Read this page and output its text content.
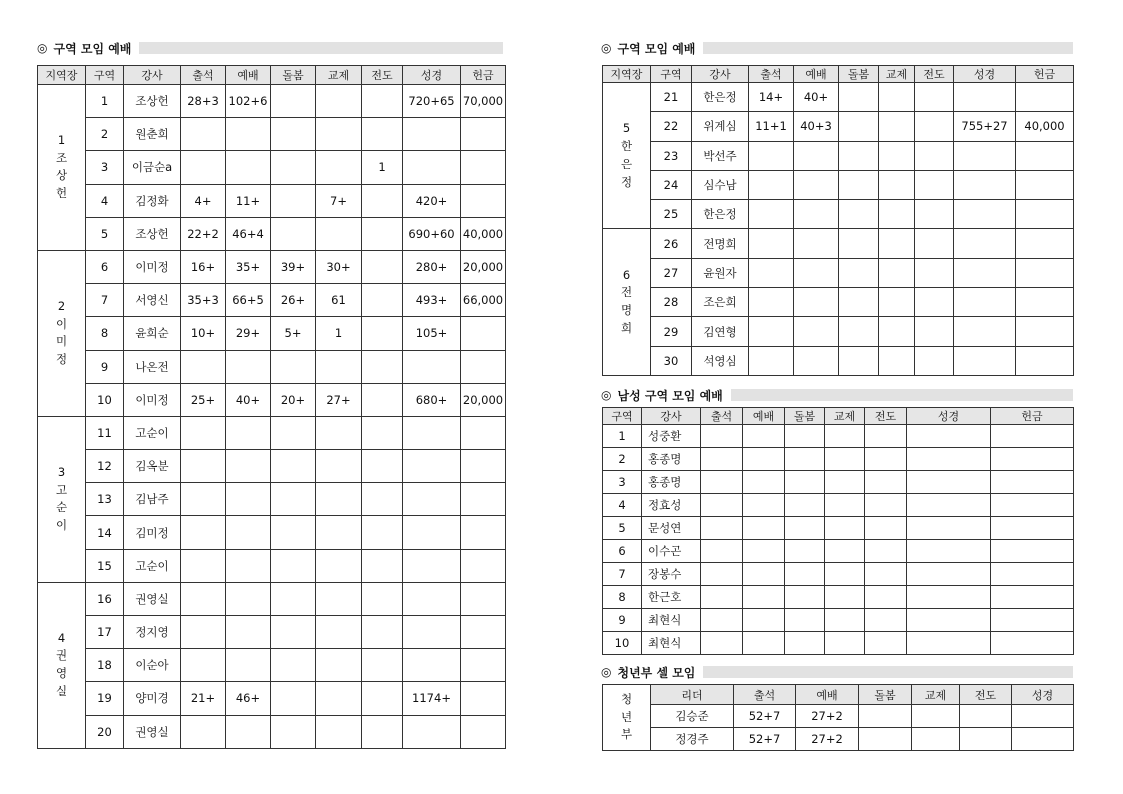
◎ 구역 모임 예배
지역장	구역	강사	출석	예배	돌봄	교제	전도	성경	헌금

1
조
상
헌	1	조상헌	28+3	102+6				720+65	70,000
	2	원춘희							
	3	이금순a					1		
	4	김정화	4+	11+		7+		420+	
	5	조상헌	22+2	46+4				690+60	40,000

2
이
미
정	6	이미정	16+	35+	39+	30+		280+	20,000
	7	서영신	35+3	66+5	26+	61		493+	66,000
	8	윤희순	10+	29+	5+	1		105+	
	9	나온전							
	10	이미정	25+	40+	20+	27+		680+	20,000

3
고
순
이	11	고순이							
	12	김옥분							
	13	김남주							
	14	김미정							
	15	고순이							

4
권
영
실	16	권영실							
	17	정지영							
	18	이순아							
	19	양미경	21+	46+				1174+	
	20	권영실							
◎ 구역 모임 예배
지역장	구역	강사	출석	예배	돌봄	교제	전도	성경	헌금

5
한
은
정	21	한은정	14+	40+					
	22	위계심	11+1	40+3				755+27	40,000
	23	박선주							
	24	심수남							
	25	한은정							

6
전
명
희	26	전명희							
	27	윤원자							
	28	조은희							
	29	김연형							
	30	석영심							
◎ 남성 구역 모임 예배
구역	강사	출석	예배	돌봄	교제	전도	성경	헌금
1	성중환							
2	홍종명							
3	홍종명							
4	정효성							
5	문성연							
6	이수곤							
7	장봉수							
8	한근호							
9	최현식							
10	최현식							
◎ 청년부 셀 모임
청
년
부	리더	출석	예배	돌봄	교제	전도	성경
	김승준	52+7	27+2				
	정경주	52+7	27+2				
